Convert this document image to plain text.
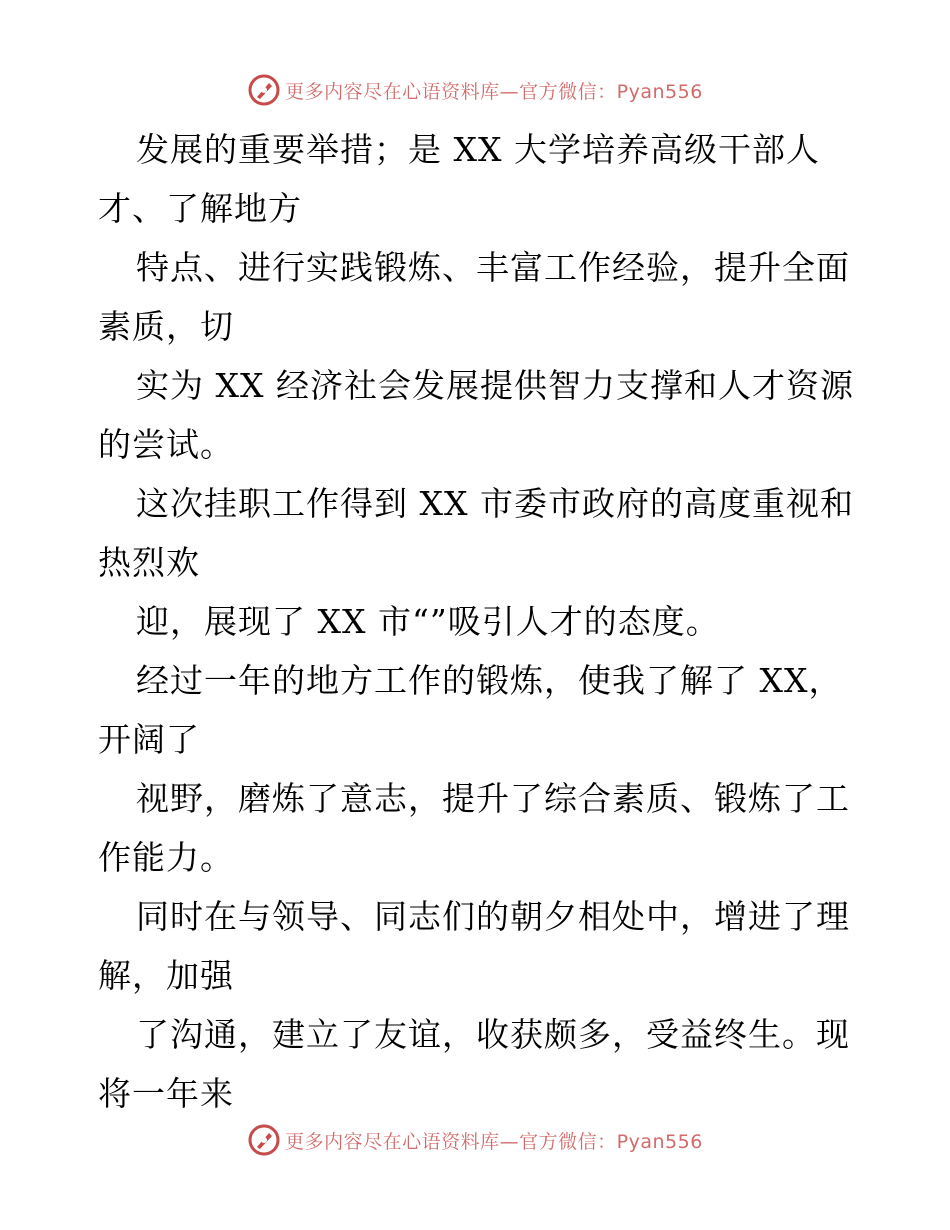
更多内容尽在心语资料库—官方微信：Pyan556

发展的重要举措；是 XX 大学培养高级干部人

才、了解地方

特点、进行实践锻炼、丰富工作经验，提升全面

素质，切

实为 XX 经济社会发展提供智力支撑和人才资源

的尝试。

这次挂职工作得到 XX 市委市政府的高度重视和

热烈欢

迎，展现了 XX 市“”吸引人才的态度。

经过一年的地方工作的锻炼，使我了解了 XX，

开阔了

视野，磨炼了意志，提升了综合素质、锻炼了工

作能力。

同时在与领导、同志们的朝夕相处中，增进了理

解，加强

了沟通，建立了友谊，收获颇多，受益终生。现

将一年来

更多内容尽在心语资料库—官方微信：Pyan556
